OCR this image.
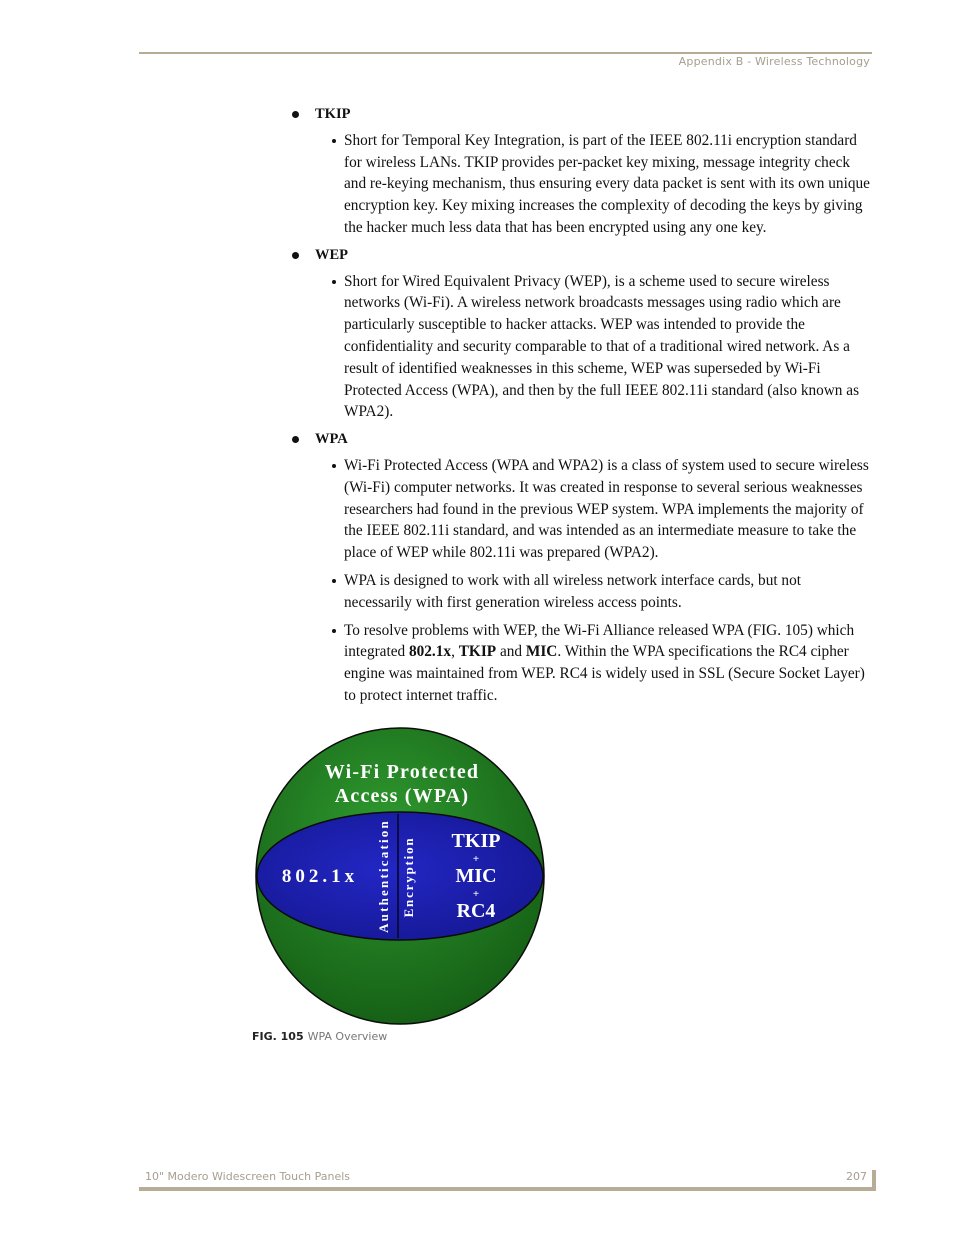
Appendix B - Wireless Technology
TKIP
Short for Temporal Key Integration, is part of the IEEE 802.11i encryption standard for wireless LANs. TKIP provides per-packet key mixing, message integrity check and re-keying mechanism, thus ensuring every data packet is sent with its own unique encryption key. Key mixing increases the complexity of decoding the keys by giving the hacker much less data that has been encrypted using any one key.
WEP
Short for Wired Equivalent Privacy (WEP), is a scheme used to secure wireless networks (Wi-Fi). A wireless network broadcasts messages using radio which are particularly susceptible to hacker attacks. WEP was intended to provide the confidentiality and security comparable to that of a traditional wired network. As a result of identified weaknesses in this scheme, WEP was superseded by Wi-Fi Protected Access (WPA), and then by the full IEEE 802.11i standard (also known as WPA2).
WPA
Wi-Fi Protected Access (WPA and WPA2) is a class of system used to secure wireless (Wi-Fi) computer networks. It was created in response to several serious weaknesses researchers had found in the previous WEP system. WPA implements the majority of the IEEE 802.11i standard, and was intended as an intermediate measure to take the place of WEP while 802.11i was prepared (WPA2).
WPA is designed to work with all wireless network interface cards, but not necessarily with first generation wireless access points.
To resolve problems with WEP, the Wi-Fi Alliance released WPA (FIG. 105) which integrated 802.1x, TKIP and MIC. Within the WPA specifications the RC4 cipher engine was maintained from WEP. RC4 is widely used in SSL (Secure Socket Layer) to protect internet traffic.
Wi-Fi Protected
Access (WPA)
802.1x Authentication Encryption TKIP
+
MIC
+
RC4
FIG. 105 WPA Overview
10" Modero Widescreen Touch Panels	207
